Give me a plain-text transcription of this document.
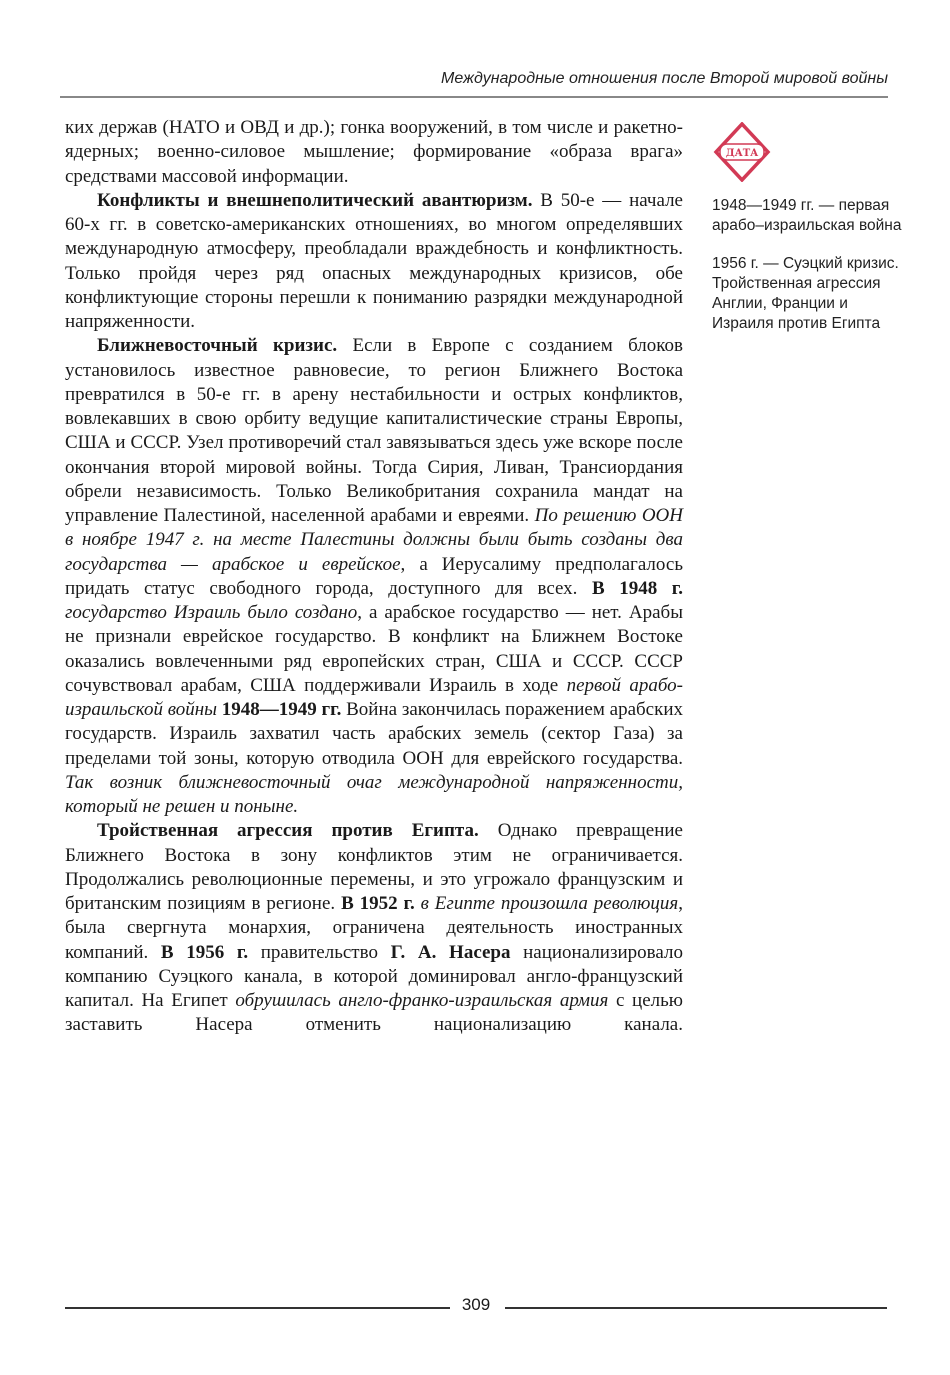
Международные отношения после Второй мировой войны

ких держав (НАТО и ОВД и др.); гонка вооружений, в том числе и ракетно-ядерных; военно-силовое мышление; формирование «образа врага» средствами массовой информации.

Конфликты и внешнеполитический авантюризм. В 50-е — начале 60-х гг. в советско-американских отношениях, во многом определявших международную атмосферу, преобладали враждебность и конфликтность. Только пройдя через ряд опасных международных кризисов, обе конфликтующие стороны перешли к пониманию разрядки международной напряженности.

Ближневосточный кризис. Если в Европе с созданием блоков установилось известное равновесие, то регион Ближнего Востока превратился в 50-е гг. в арену нестабильности и острых конфликтов, вовлекавших в свою орбиту ведущие капиталистические страны Европы, США и СССР. Узел противоречий стал завязываться здесь уже вскоре после окончания второй мировой войны. Тогда Сирия, Ливан, Трансиордания обрели независимость. Только Великобритания сохранила мандат на управление Палестиной, населенной арабами и евреями. По решению ООН в ноябре 1947 г. на месте Палестины должны были быть созданы два государства — арабское и еврейское, а Иерусалиму предполагалось придать статус свободного города, доступного для всех. В 1948 г. государство Израиль было создано, а арабское государство — нет. Арабы не признали еврейское государство. В конфликт на Ближнем Востоке оказались вовлеченными ряд европейских стран, США и СССР. СССР сочувствовал арабам, США поддерживали Израиль в ходе первой арабо-израильской войны 1948—1949 гг. Война закончилась поражением арабских государств. Израиль захватил часть арабских земель (сектор Газа) за пределами той зоны, которую отводила ООН для еврейского государства. Так возник ближневосточный очаг международной напряженности, который не решен и поныне.

Тройственная агрессия против Египта. Однако превращение Ближнего Востока в зону конфликтов этим не ограничивается. Продолжались революционные перемены, и это угрожало французским и британским позициям в регионе. В 1952 г. в Египте произошла революция, была свергнута монархия, ограничена деятельность иностранных компаний. В 1956 г. правительство Г. А. Насера национализировало компанию Суэцкого канала, в которой доминировал англо-французский капитал. На Египет обрушилась англо-франко-израильская армия с целью заставить Насера отменить национализацию канала.

ДАТА

1948—1949 гг. — первая арабо–израильская война

1956 г. — Суэцкий кризис. Тройственная агрессия Англии, Франции и Израиля против Египта

309
